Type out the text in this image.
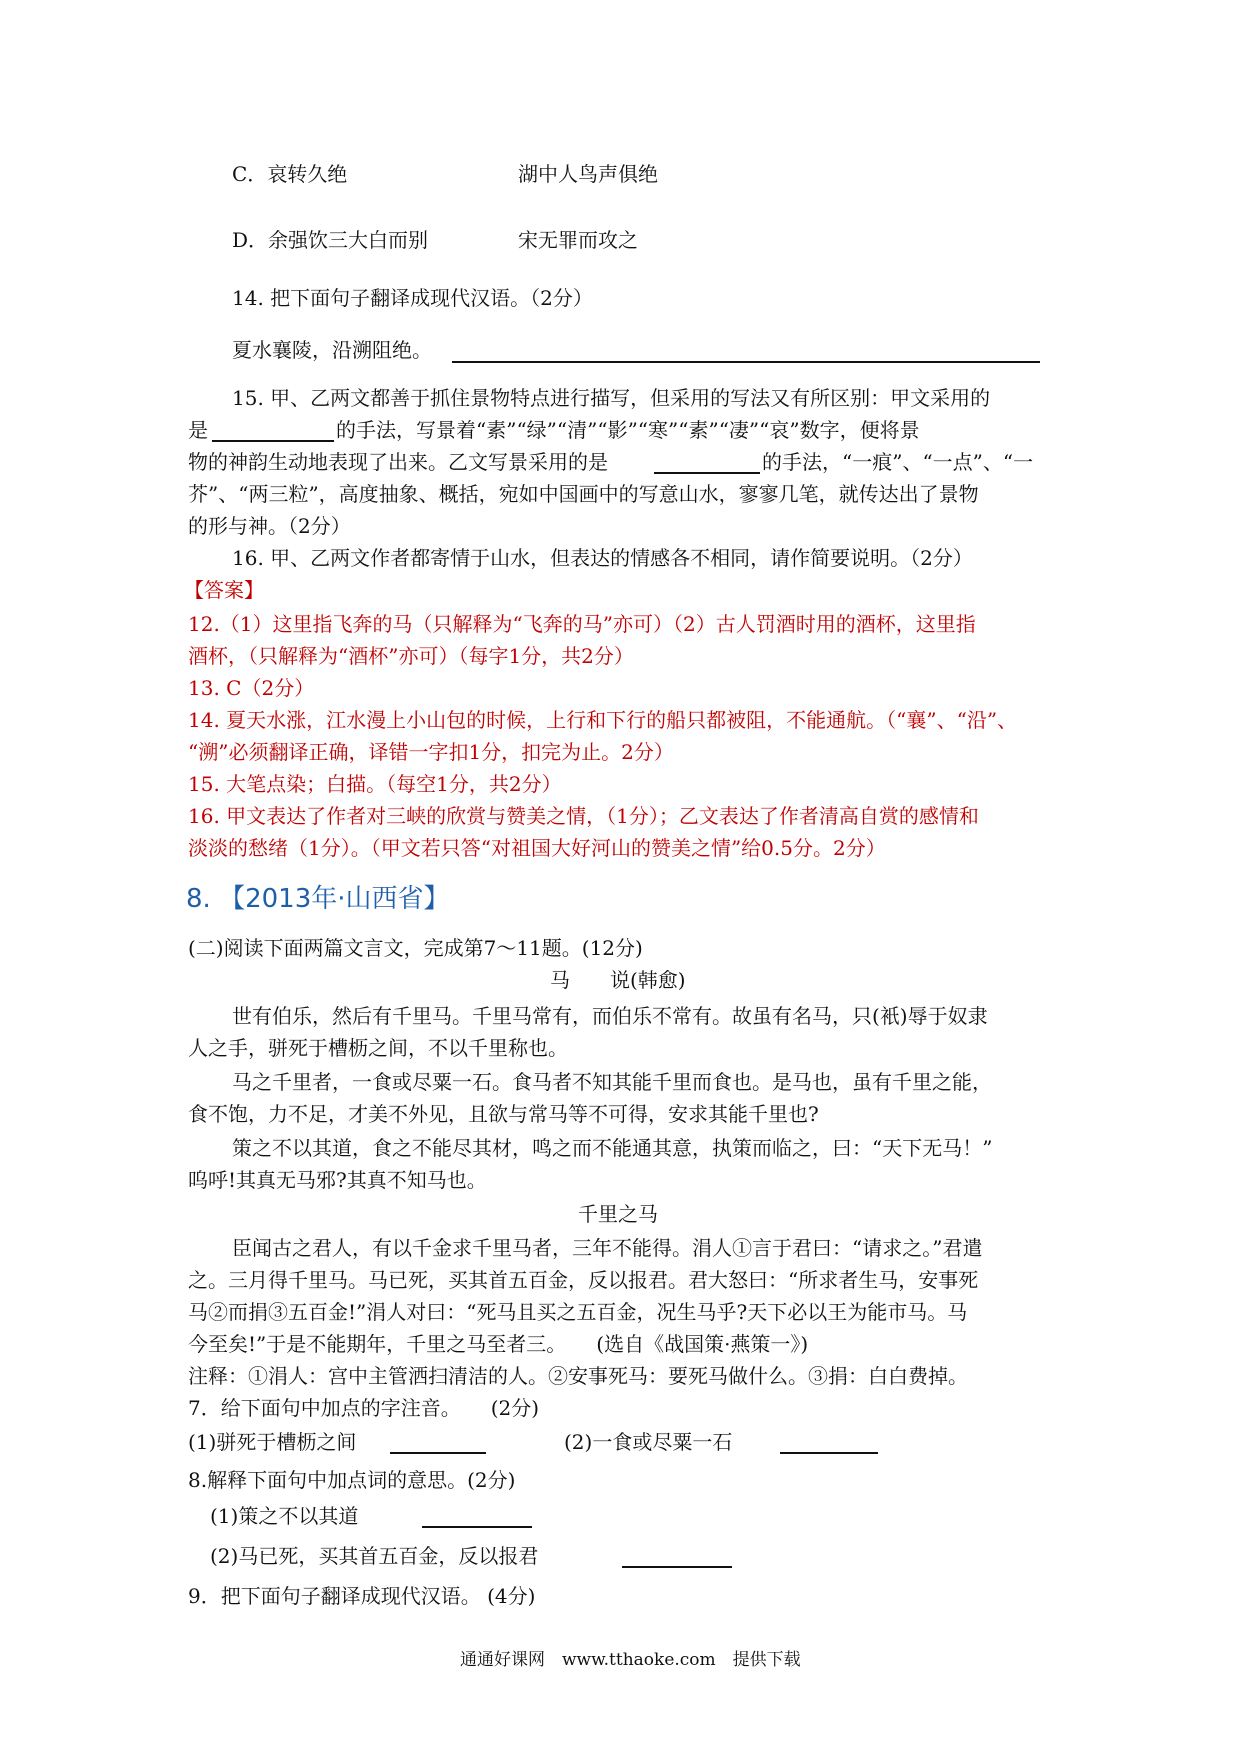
C．哀转久绝	湖中人鸟声俱绝
D．余强饮三大白而别	宋无罪而攻之
14. 把下面句子翻译成现代汉语。（2分）
夏水襄陵，沿溯阻绝。
15. 甲、乙两文都善于抓住景物特点进行描写，但采用的写法又有所区别：甲文采用的
是	的手法，写景着“素”“绿”“清”“影”“寒”“素”“凄”“哀”数字，便将景
物的神韵生动地表现了出来。乙文写景采用的是	的手法，“一痕”、“一点”、“一
芥”、“两三粒”，高度抽象、概括，宛如中国画中的写意山水，寥寥几笔，就传达出了景物
的形与神。（2分）
16. 甲、乙两文作者都寄情于山水，但表达的情感各不相同，请作简要说明。（2分）
【答案】
12.（1）这里指飞奔的马（只解释为“飞奔的马”亦可）（2）古人罚酒时用的酒杯，这里指
酒杯，（只解释为“酒杯”亦可）（每字1分，共2分）
13. C（2分）
14. 夏天水涨，江水漫上小山包的时候，上行和下行的船只都被阻，不能通航。（“襄”、“沿”、
“溯”必须翻译正确，译错一字扣1分，扣完为止。2分）
15. 大笔点染；白描。（每空1分，共2分）
16. 甲文表达了作者对三峡的欣赏与赞美之情，（1分）；乙文表达了作者清高自赏的感情和
淡淡的愁绪（1分）。（甲文若只答“对祖国大好河山的赞美之情”给0.5分。2分）
8. 【2013年·山西省】
(二)阅读下面两篇文言文，完成第7～11题。(12分)
马　　说(韩愈)
世有伯乐，然后有千里马。千里马常有，而伯乐不常有。故虽有名马，只(衹)辱于奴隶
人之手，骈死于槽枥之间，不以千里称也。
马之千里者，一食或尽粟一石。食马者不知其能千里而食也。是马也，虽有千里之能，
食不饱，力不足，才美不外见，且欲与常马等不可得，安求其能千里也?
策之不以其道，食之不能尽其材，鸣之而不能通其意，执策而临之，曰：“天下无马！”
呜呼!其真无马邪?其真不知马也。
千里之马
臣闻古之君人，有以千金求千里马者，三年不能得。涓人①言于君曰：“请求之。”君遣
之。三月得千里马。马已死，买其首五百金，反以报君。君大怒曰：“所求者生马，安事死
马②而捐③五百金!”涓人对曰：“死马且买之五百金，况生马乎?天下必以王为能市马。马
今至矣!”于是不能期年，千里之马至者三。　　(选自《战国策·燕策一》)
注释：①涓人：宫中主管洒扫清洁的人。②安事死马：要死马做什么。③捐：白白费掉。
7．给下面句中加点的字注音。　　(2分)
(1)骈死于槽枥之间	(2)一食或尽粟一石
8.解释下面句中加点词的意思。(2分)
(1)策之不以其道
(2)马已死，买其首五百金，反以报君
9．把下面句子翻译成现代汉语。 (4分)
通通好课网　www.tthaoke.com　提供下载
